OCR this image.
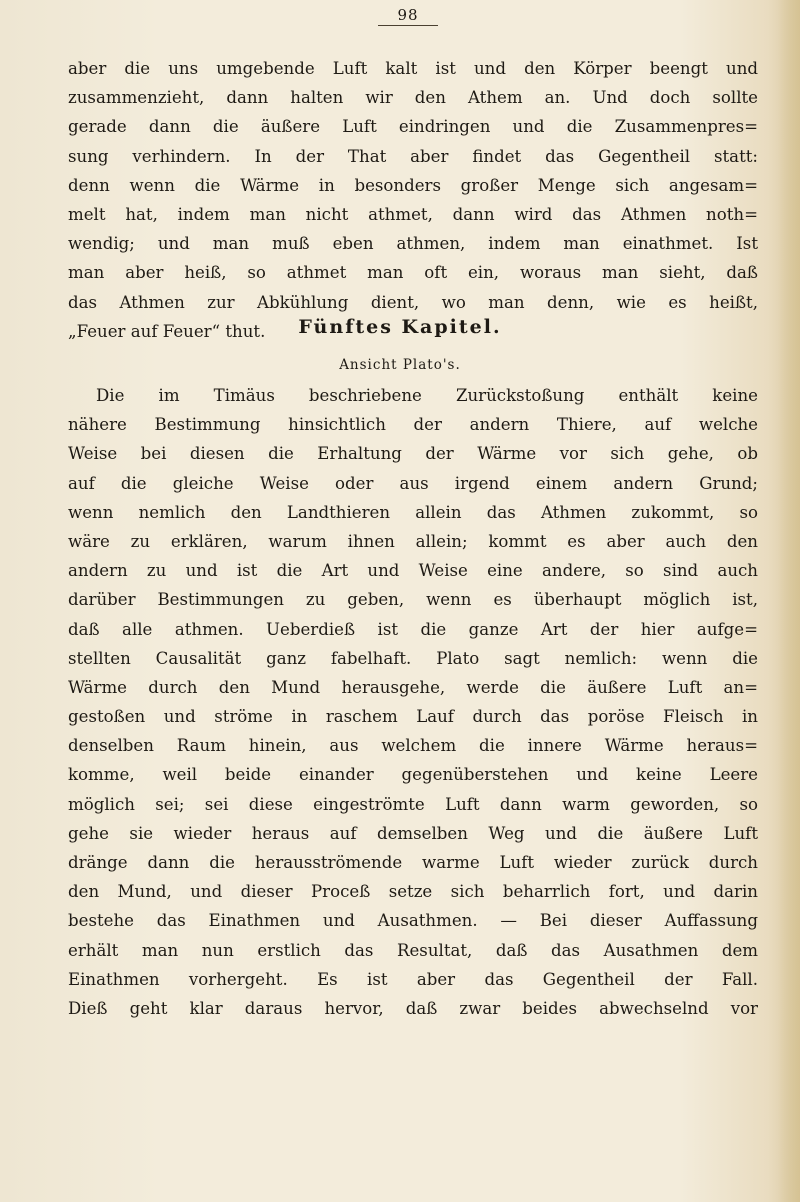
98
aber die uns umgebende Luft kalt ist und den Körper beengt und
zusammenzieht, dann halten wir den Athem an. Und doch sollte
gerade dann die äußere Luft eindringen und die Zusammenpres=
sung verhindern. In der That aber findet das Gegentheil statt:
denn wenn die Wärme in besonders großer Menge sich angesam=
melt hat, indem man nicht athmet, dann wird das Athmen noth=
wendig; und man muß eben athmen, indem man einathmet. Ist
man aber heiß, so athmet man oft ein, woraus man sieht, daß
das Athmen zur Abkühlung dient, wo man denn, wie es heißt,
„Feuer auf Feuer“ thut.	Fünftes Kapitel.
Ansicht Plato's.
Die im Timäus beschriebene Zurückstoßung enthält keine
nähere Bestimmung hinsichtlich der andern Thiere, auf welche
Weise bei diesen die Erhaltung der Wärme vor sich gehe, ob
auf die gleiche Weise oder aus irgend einem andern Grund;
wenn nemlich den Landthieren allein das Athmen zukommt, so
wäre zu erklären, warum ihnen allein; kommt es aber auch den
andern zu und ist die Art und Weise eine andere, so sind auch
darüber Bestimmungen zu geben, wenn es überhaupt möglich ist,
daß alle athmen. Ueberdieß ist die ganze Art der hier aufge=
stellten Causalität ganz fabelhaft. Plato sagt nemlich: wenn die
Wärme durch den Mund herausgehe, werde die äußere Luft an=
gestoßen und ströme in raschem Lauf durch das poröse Fleisch in
denselben Raum hinein, aus welchem die innere Wärme heraus=
komme, weil beide einander gegenüberstehen und keine Leere
möglich sei; sei diese eingeströmte Luft dann warm geworden, so
gehe sie wieder heraus auf demselben Weg und die äußere Luft
dränge dann die herausströmende warme Luft wieder zurück durch
den Mund, und dieser Proceß setze sich beharrlich fort, und darin
bestehe das Einathmen und Ausathmen. — Bei dieser Auffassung
erhält man nun erstlich das Resultat, daß das Ausathmen dem
Einathmen vorhergeht. Es ist aber das Gegentheil der Fall.
Dieß geht klar daraus hervor, daß zwar beides abwechselnd vor
